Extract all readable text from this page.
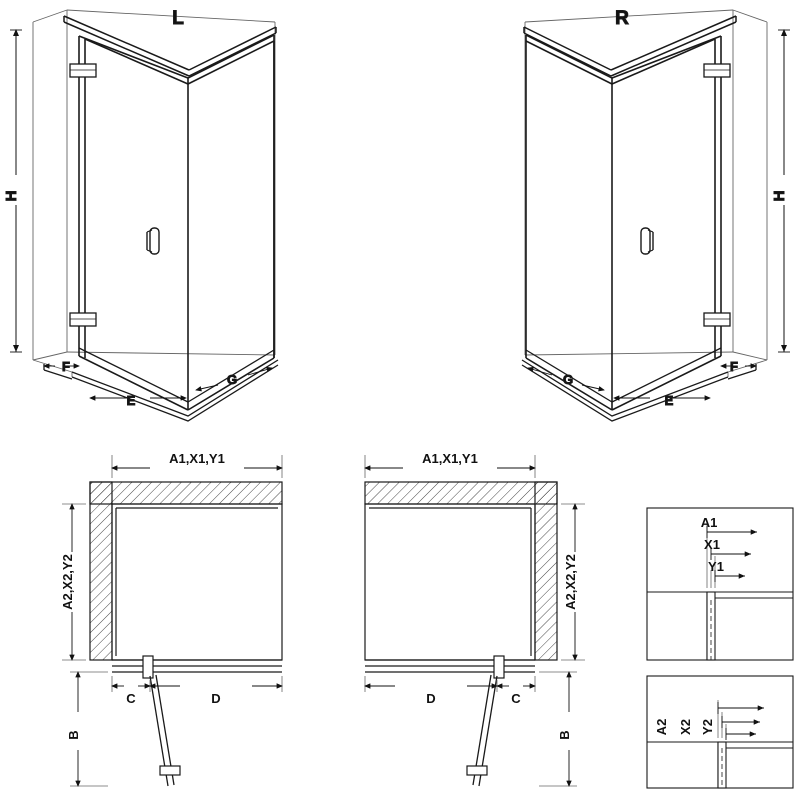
H
F
E
G
L
H
F
E
G
R
A1,X1,Y1
A2,X2,Y2
B
C	D
A1,X1,Y1
A2,X2,Y2
B
C
D
A1
X1
Y1
A2 X2 Y2
